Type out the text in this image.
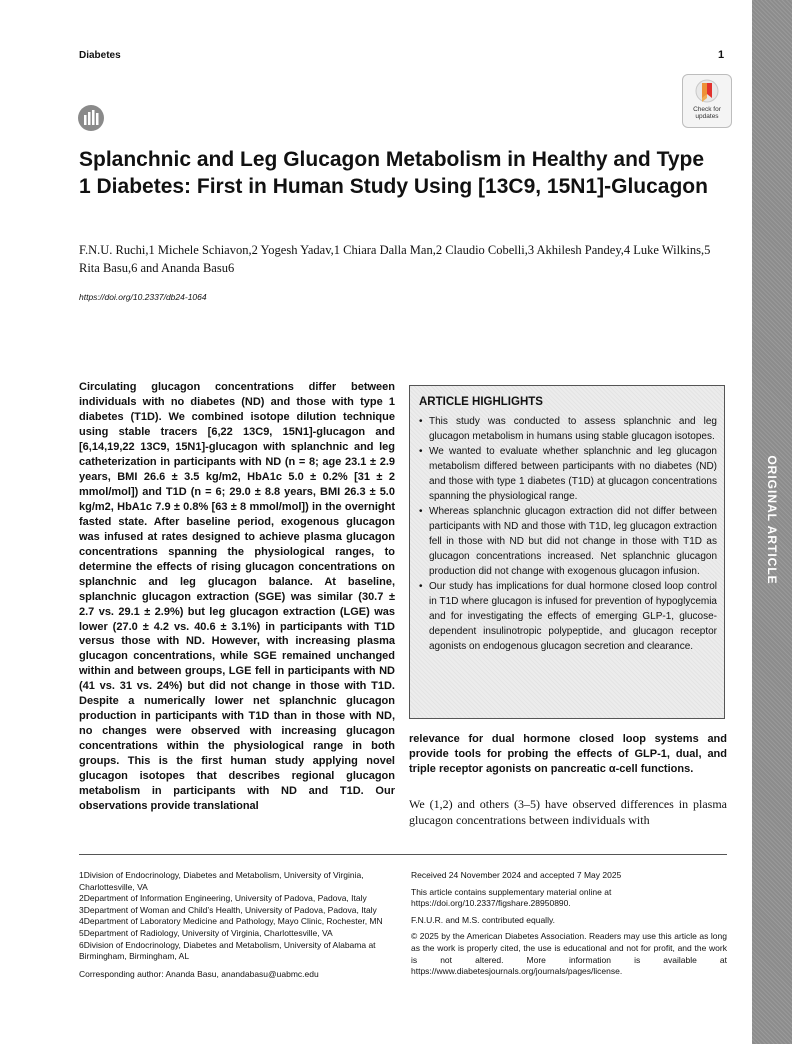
ORIGINAL ARTICLE
Diabetes	1
Check for updates
Splanchnic and Leg Glucagon Metabolism in Healthy and Type 1 Diabetes: First in Human Study Using [13C9, 15N1]-Glucagon
F.N.U. Ruchi,1 Michele Schiavon,2 Yogesh Yadav,1 Chiara Dalla Man,2 Claudio Cobelli,3 Akhilesh Pandey,4 Luke Wilkins,5 Rita Basu,6 and Ananda Basu6
https://doi.org/10.2337/db24-1064
Circulating glucagon concentrations differ between individuals with no diabetes (ND) and those with type 1 diabetes (T1D). We combined isotope dilution technique using stable tracers [6,22 13C9, 15N1]-glucagon and [6,14,19,22 13C9, 15N1]-glucagon with splanchnic and leg catheterization in participants with ND (n = 8; age 23.1 ± 2.9 years, BMI 26.6 ± 3.5 kg/m2, HbA1c 5.0 ± 0.2% [31 ± 2 mmol/mol]) and T1D (n = 6; 29.0 ± 8.8 years, BMI 26.3 ± 5.0 kg/m2, HbA1c 7.9 ± 0.8% [63 ± 8 mmol/mol]) in the overnight fasted state. After baseline period, exogenous glucagon was infused at rates designed to achieve plasma glucagon concentrations spanning the physiological ranges, to determine the effects of rising glucagon concentrations on splanchnic and leg glucagon balance. At baseline, splanchnic glucagon extraction (SGE) was similar (30.7 ± 2.7 vs. 29.1 ± 2.9%) but leg glucagon extraction (LGE) was lower (27.0 ± 4.2 vs. 40.6 ± 3.1%) in participants with T1D versus those with ND. However, with increasing plasma glucagon concentrations, while SGE remained unchanged within and between groups, LGE fell in participants with ND (41 vs. 31 vs. 24%) but did not change in those with T1D. Despite a numerically lower net splanchnic glucagon production in participants with T1D than in those with ND, no changes were observed with increasing glucagon concentrations within the physiological range in both groups. This is the first human study applying novel glucagon isotopes that describes regional glucagon metabolism in participants with ND and T1D. Our observations provide translational
ARTICLE HIGHLIGHTS
• This study was conducted to assess splanchnic and leg glucagon metabolism in humans using stable glucagon isotopes.
• We wanted to evaluate whether splanchnic and leg glucagon metabolism differed between participants with no diabetes (ND) and those with type 1 diabetes (T1D) at glucagon concentrations spanning the physiological range.
• Whereas splanchnic glucagon extraction did not differ between participants with ND and those with T1D, leg glucagon extraction fell in those with ND but did not change in those with T1D as glucagon concentrations increased. Net splanchnic glucagon production did not change with exogenous glucagon infusion.
• Our study has implications for dual hormone closed loop control in T1D where glucagon is infused for prevention of hypoglycemia and for investigating the effects of emerging GLP-1, glucose-dependent insulinotropic polypeptide, and glucagon receptor agonists on endogenous glucagon secretion and clearance.
relevance for dual hormone closed loop systems and provide tools for probing the effects of GLP-1, dual, and triple receptor agonists on pancreatic α-cell functions.
We (1,2) and others (3–5) have observed differences in plasma glucagon concentrations between individuals with

1Division of Endocrinology, Diabetes and Metabolism, University of Virginia, Charlottesville, VA

2Department of Information Engineering, University of Padova, Padova, Italy

3Department of Woman and Child’s Health, University of Padova, Padova, Italy

4Department of Laboratory Medicine and Pathology, Mayo Clinic, Rochester, MN

5Department of Radiology, University of Virginia, Charlottesville, VA

6Division of Endocrinology, Diabetes and Metabolism, University of Alabama at Birmingham, Birmingham, AL

Corresponding author: Ananda Basu, anandabasu@uabmc.edu

Received 24 November 2024 and accepted 7 May 2025

This article contains supplementary material online at https://doi.org/10.2337/figshare.28950890.

F.N.U.R. and M.S. contributed equally.

© 2025 by the American Diabetes Association. Readers may use this article as long as the work is properly cited, the use is educational and not for profit, and the work is not altered. More information is available at https://www.diabetesjournals.org/journals/pages/license.
